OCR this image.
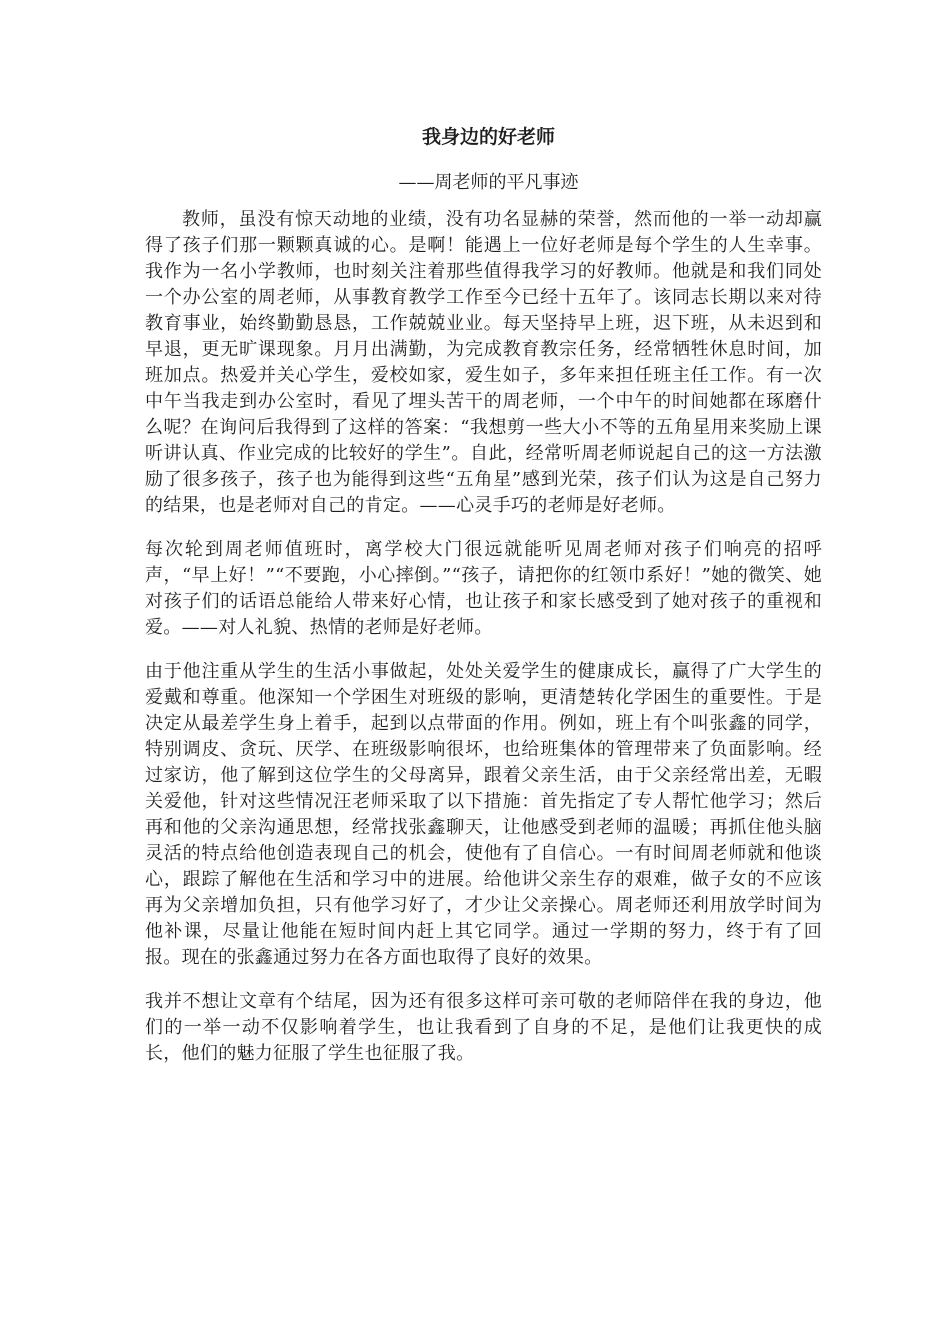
我身边的好老师
——周老师的平凡事迹

教师，虽没有惊天动地的业绩，没有功名显赫的荣誉，然而他的一举一动却赢得了孩子们那一颗颗真诚的心。是啊！能遇上一位好老师是每个学生的人生幸事。我作为一名小学教师，也时刻关注着那些值得我学习的好教师。他就是和我们同处一个办公室的周老师，从事教育教学工作至今已经十五年了。该同志长期以来对待教育事业，始终勤勤恳恳，工作兢兢业业。每天坚持早上班，迟下班，从未迟到和早退，更无旷课现象。月月出满勤，为完成教育教宗任务，经常牺牲休息时间，加班加点。热爱并关心学生，爱校如家，爱生如子，多年来担任班主任工作。有一次中午当我走到办公室时，看见了埋头苦干的周老师，一个中午的时间她都在琢磨什么呢？在询问后我得到了这样的答案：“我想剪一些大小不等的五角星用来奖励上课听讲认真、作业完成的比较好的学生”。自此，经常听周老师说起自己的这一方法激励了很多孩子，孩子也为能得到这些“五角星”感到光荣，孩子们认为这是自己努力的结果，也是老师对自己的肯定。——心灵手巧的老师是好老师。

每次轮到周老师值班时，离学校大门很远就能听见周老师对孩子们响亮的招呼声，“早上好！”“不要跑，小心摔倒。”“孩子，请把你的红领巾系好！”她的微笑、她对孩子们的话语总能给人带来好心情，也让孩子和家长感受到了她对孩子的重视和爱。——对人礼貌、热情的老师是好老师。

由于他注重从学生的生活小事做起，处处关爱学生的健康成长，赢得了广大学生的爱戴和尊重。他深知一个学困生对班级的影响，更清楚转化学困生的重要性。于是决定从最差学生身上着手，起到以点带面的作用。例如，班上有个叫张鑫的同学，特别调皮、贪玩、厌学、在班级影响很坏，也给班集体的管理带来了负面影响。经过家访，他了解到这位学生的父母离异，跟着父亲生活，由于父亲经常出差，无暇关爱他，针对这些情况汪老师采取了以下措施：首先指定了专人帮忙他学习；然后再和他的父亲沟通思想，经常找张鑫聊天，让他感受到老师的温暖；再抓住他头脑灵活的特点给他创造表现自己的机会，使他有了自信心。一有时间周老师就和他谈心，跟踪了解他在生活和学习中的进展。给他讲父亲生存的艰难，做子女的不应该再为父亲增加负担，只有他学习好了，才少让父亲操心。周老师还利用放学时间为他补课，尽量让他能在短时间内赶上其它同学。通过一学期的努力，终于有了回报。现在的张鑫通过努力在各方面也取得了良好的效果。

我并不想让文章有个结尾，因为还有很多这样可亲可敬的老师陪伴在我的身边，他们的一举一动不仅影响着学生，也让我看到了自身的不足，是他们让我更快的成长，他们的魅力征服了学生也征服了我。
